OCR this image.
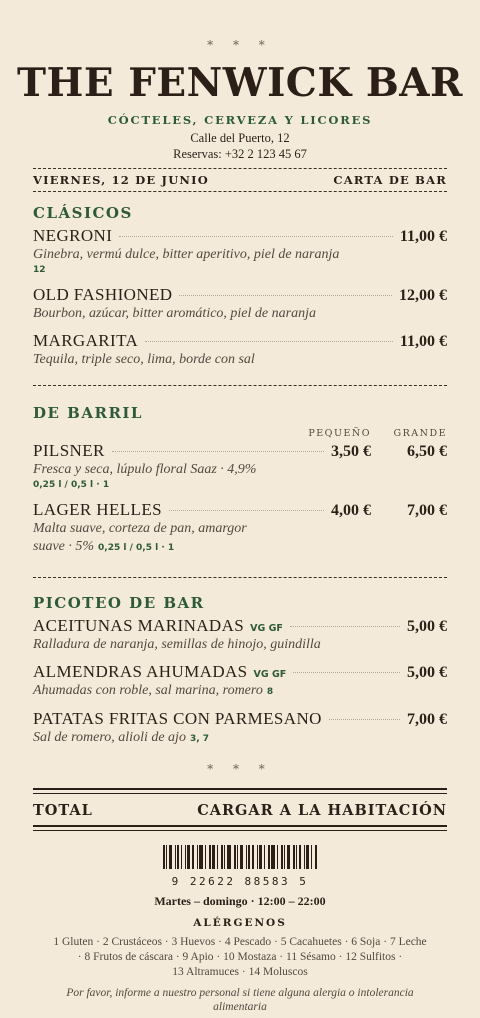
* * *
THE FENWICK BAR
CÓCTELES, CERVEZA Y LICORES
Calle del Puerto, 12
Reservas: +32 2 123 45 67
VIERNES, 12 DE JUNIO	CARTA DE BAR
CLÁSICOS
NEGRONI	11,00 €
Ginebra, vermú dulce, bitter aperitivo, piel de naranja
12
OLD FASHIONED	12,00 €
Bourbon, azúcar, bitter aromático, piel de naranja
MARGARITA	11,00 €
Tequila, triple seco, lima, borde con sal
DE BARRIL
PEQUEÑO	GRANDE
PILSNER	3,50 €	6,50 €
Fresca y seca, lúpulo floral Saaz · 4,9%
0,25 l / 0,5 l · 1
LAGER HELLES	4,00 €	7,00 €
Malta suave, corteza de pan, amargor
suave · 5% 0,25 l / 0,5 l · 1
PICOTEO DE BAR
ACEITUNAS MARINADAS VG GF	5,00 €
Ralladura de naranja, semillas de hinojo, guindilla
ALMENDRAS AHUMADAS VG GF	5,00 €
Ahumadas con roble, sal marina, romero 8
PATATAS FRITAS CON PARMESANO	7,00 €
Sal de romero, alioli de ajo 3, 7
* * *
TOTAL	CARGAR A LA HABITACIÓN
9 22622 88583 5
Martes – domingo · 12:00 – 22:00
ALÉRGENOS
1 Gluten · 2 Crustáceos · 3 Huevos · 4 Pescado · 5 Cacahuetes · 6 Soja · 7 Leche
· 8 Frutos de cáscara · 9 Apio · 10 Mostaza · 11 Sésamo · 12 Sulfitos ·
13 Altramuces · 14 Moluscos
Por favor, informe a nuestro personal si tiene alguna alergia o intolerancia alimentaria
